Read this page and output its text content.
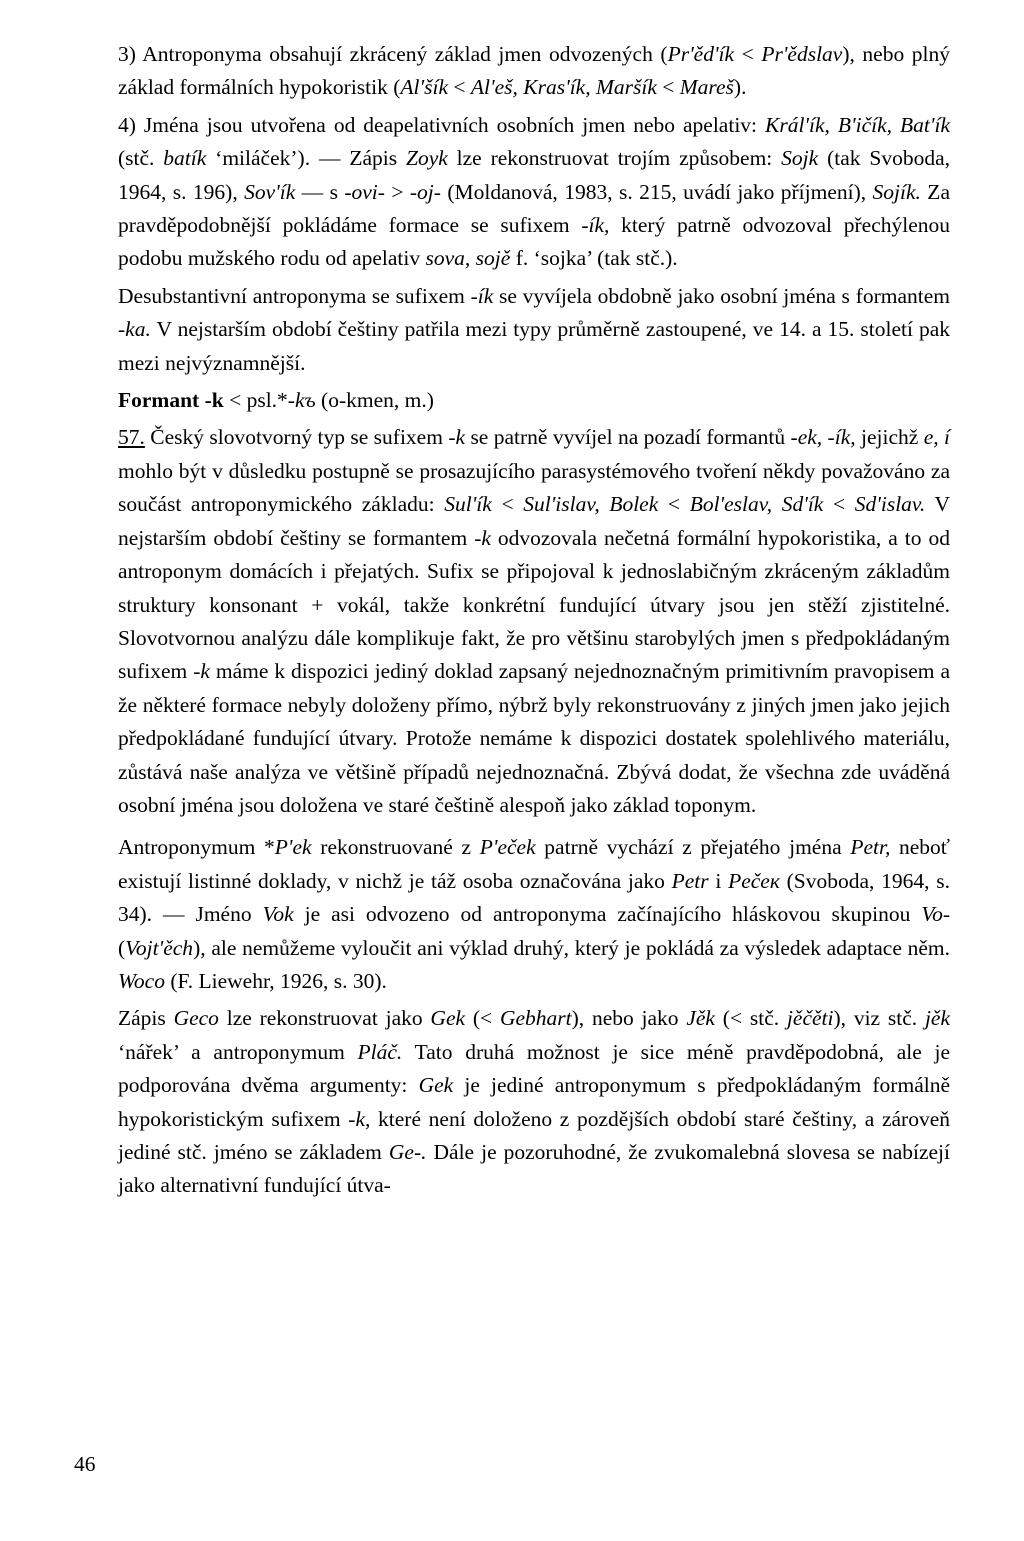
3) Antroponyma obsahují zkrácený základ jmen odvozených (Pr'ěd'ík < Pr'ědslav), nebo plný základ formálních hypokoristik (Al'šík < Al'eš, Kras'ík, Maršík < Mareš).

4) Jména jsou utvořena od deapelativních osobních jmen nebo apelativ: Král'ík, B'ičík, Bat'ík (stč. batík ‘miláček’). — Zápis Zoyk lze rekonstruovat trojím způsobem: Sojk (tak Svoboda, 1964, s. 196), Sov'ík — s -ovi- > -oj- (Moldanová, 1983, s. 215, uvádí jako příjmení), Sojík. Za pravděpodobnější pokládáme formace se sufixem -ík, který patrně odvozoval přechýlenou podobu mužského rodu od apelativ sova, sojě f. ‘sojka’ (tak stč.).

Desubstantivní antroponyma se sufixem -ík se vyvíjela obdobně jako osobní jména s formantem -ka. V nejstarším období češtiny patřila mezi typy průměrně zastoupené, ve 14. a 15. století pak mezi nejvýznamnější.

Formant -k < psl.*-kъ (o-kmen, m.)

57. Český slovotvorný typ se sufixem -k se patrně vyvíjel na pozadí formantů -ek, -ík, jejichž e, í mohlo být v důsledku postupně se prosazujícího parasystémového tvoření někdy považováno za součást antroponymického základu: Sul'ík < Sul'islav, Bolek < Bol'eslav, Sd'ík < Sd'islav. V nejstarším období češtiny se formantem -k odvozovala nečetná formální hypokoristika, a to od antroponym domácích i přejatých. Sufix se připojoval k jednoslabičným zkráceným základům struktury konsonant + vokál, takže konkrétní fundující útvary jsou jen stěží zjistitelné. Slovotvornou analýzu dále komplikuje fakt, že pro většinu starobylých jmen s předpokládaným sufixem -k máme k dispozici jediný doklad zapsaný nejednoznačným primitivním pravopisem a že některé formace nebyly doloženy přímo, nýbrž byly rekonstruovány z jiných jmen jako jejich předpokládané fundující útvary. Protože nemáme k dispozici dostatek spolehlivého materiálu, zůstává naše analýza ve většině případů nejednoznačná. Zbývá dodat, že všechna zde uváděná osobní jména jsou doložena ve staré češtině alespoň jako základ toponym.

Antroponymum *P'ek rekonstruované z P'eček patrně vychází z přejatého jména Petr, neboť existují listinné doklady, v nichž je táž osoba označována jako Petr i Pečeк (Svoboda, 1964, s. 34). — Jméno Vok je asi odvozeno od antroponyma začínajícího hláskovou skupinou Vo- (Vojt'ěch), ale nemůžeme vyloučit ani výklad druhý, který je pokládá za výsledek adaptace něm. Woco (F. Liewehr, 1926, s. 30).

Zápis Geco lze rekonstruovat jako Gek (< Gebhart), nebo jako Jěk (< stč. jěčěti), viz stč. jěk ‘nářek’ a antroponymum Pláč. Tato druhá možnost je sice méně pravděpodobná, ale je podporována dvěma argumenty: Gek je jediné antroponymum s předpokládaným formálně hypokoristickým sufixem -k, které není doloženo z pozdějších období staré češtiny, a zároveň jediné stč. jméno se základem Ge-. Dále je pozoruhodné, že zvukomalebná slovesa se nabízejí jako alternativní fundující útva-

46
